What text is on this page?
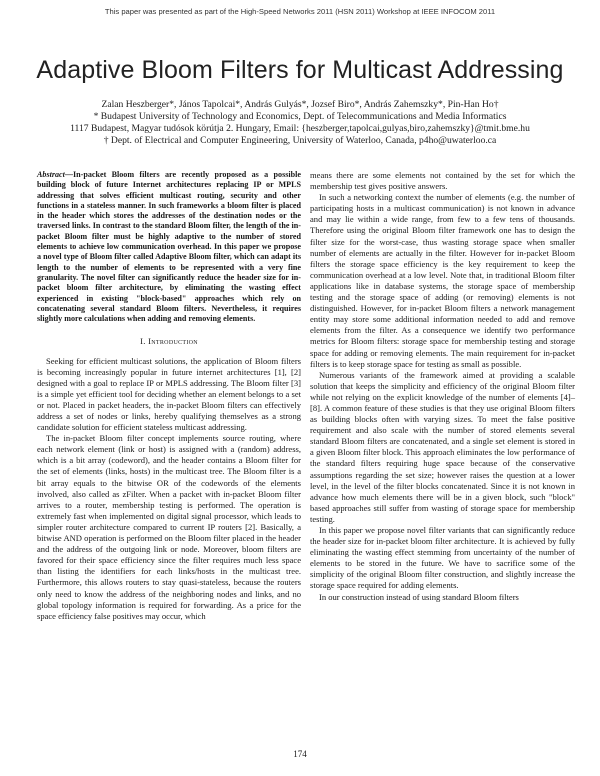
This paper was presented as part of the High-Speed Networks 2011 (HSN 2011) Workshop at IEEE INFOCOM 2011
Adaptive Bloom Filters for Multicast Addressing
Zalan Heszberger*, János Tapolcai*, András Gulyás*, Jozsef Biro*, András Zahemszky*, Pin-Han Ho†
* Budapest University of Technology and Economics, Dept. of Telecommunications and Media Informatics
1117 Budapest, Magyar tudósok körútja 2. Hungary, Email: {heszberger,tapolcai,gulyas,biro,zahemszky}@tmit.bme.hu
† Dept. of Electrical and Computer Engineering, University of Waterloo, Canada, p4ho@uwaterloo.ca
Abstract—In-packet Bloom filters are recently proposed as a possible building block of future Internet architectures replacing IP or MPLS addressing that solves efficient multicast routing, security and other functions in a stateless manner. In such frameworks a bloom filter is placed in the header which stores the addresses of the destination nodes or the traversed links. In contrast to the standard Bloom filter, the length of the in-packet Bloom filter must be highly adaptive to the number of stored elements to achieve low communication overhead. In this paper we propose a novel type of Bloom filter called Adaptive Bloom filter, which can adapt its length to the number of elements to be represented with a very fine granularity. The novel filter can significantly reduce the header size for in-packet bloom filter architecture, by eliminating the wasting effect experienced in existing "block-based" approaches which rely on concatenating several standard Bloom filters. Nevertheless, it requires slightly more calculations when adding and removing elements.
I. Introduction

Seeking for efficient multicast solutions, the application of Bloom filters is becoming increasingly popular in future internet architectures [1], [2] designed with a goal to replace IP or MPLS addressing. The Bloom filter [3] is a simple yet efficient tool for deciding whether an element belongs to a set or not. Placed in packet headers, the in-packet Bloom filters can effectively address a set of nodes or links, hereby qualifying themselves as a strong candidate solution for efficient stateless multicast addressing.

The in-packet Bloom filter concept implements source routing, where each network element (link or host) is assigned with a (random) address, which is a bit array (codeword), and the header contains a Bloom filter for the set of elements (links, hosts) in the multicast tree. The Bloom filter is a bit array equals to the bitwise OR of the codewords of the elements involved, also called as zFilter. When a packet with in-packet Bloom filter arrives to a router, membership testing is performed. The operation is extremely fast when implemented on digital signal processor, which leads to simpler router architecture compared to current IP routers [2]. Basically, a bitwise AND operation is performed on the Bloom filter placed in the header and the address of the outgoing link or node. Moreover, bloom filters are favored for their space efficiency since the filter requires much less space than listing the identifiers for each links/hosts in the multicast tree. Furthermore, this allows routers to stay quasi-stateless, because the routers only need to know the address of the neighboring nodes and links, and no global topology information is required for forwarding. As a price for the space efficiency false positives may occur, which

means there are some elements not contained by the set for which the membership test gives positive answers.

In such a networking context the number of elements (e.g. the number of participating hosts in a multicast communication) is not known in advance and may lie within a wide range, from few to a few tens of thousands. Therefore using the original Bloom filter framework one has to design the filter size for the worst-case, thus wasting storage space when smaller number of elements are actually in the filter. However for in-packet Bloom filters the storage space efficiency is the key requirement to keep the communication overhead at a low level. Note that, in traditional Bloom filter applications like in database systems, the storage space of membership testing and the storage space of adding (or removing) elements is not distinguished. However, for in-packet Bloom filters a network management entity may store some additional information needed to add and remove elements from the filter. As a consequence we identify two performance metrics for Bloom filters: storage space for membership testing and storage space for adding or removing elements. The main requirement for in-packet filters is to keep storage space for testing as small as possible.

Numerous variants of the framework aimed at providing a scalable solution that keeps the simplicity and efficiency of the original Bloom filter while not relying on the explicit knowledge of the number of elements [4]–[8]. A common feature of these studies is that they use original Bloom filters as building blocks often with varying sizes. To meet the false positive requirement and also scale with the number of stored elements several standard Bloom filters are concatenated, and a single set element is stored in a given Bloom filter block. This approach eliminates the low performance of the standard filters requiring huge space because of the conservative assumptions regarding the set size; however raises the question at a lower level, in the level of the filter blocks concatenated. Since it is not known in advance how much elements there will be in a given block, such "block" based approaches still suffer from wasting of storage space for membership testing.

In this paper we propose novel filter variants that can significantly reduce the header size for in-packet bloom filter architecture. It is achieved by fully eliminating the wasting effect stemming from uncertainty of the number of elements to be stored in the future. We have to sacrifice some of the simplicity of the original Bloom filter construction, and slightly increase the storage space required for adding elements.

In our construction instead of using standard Bloom filters

174
